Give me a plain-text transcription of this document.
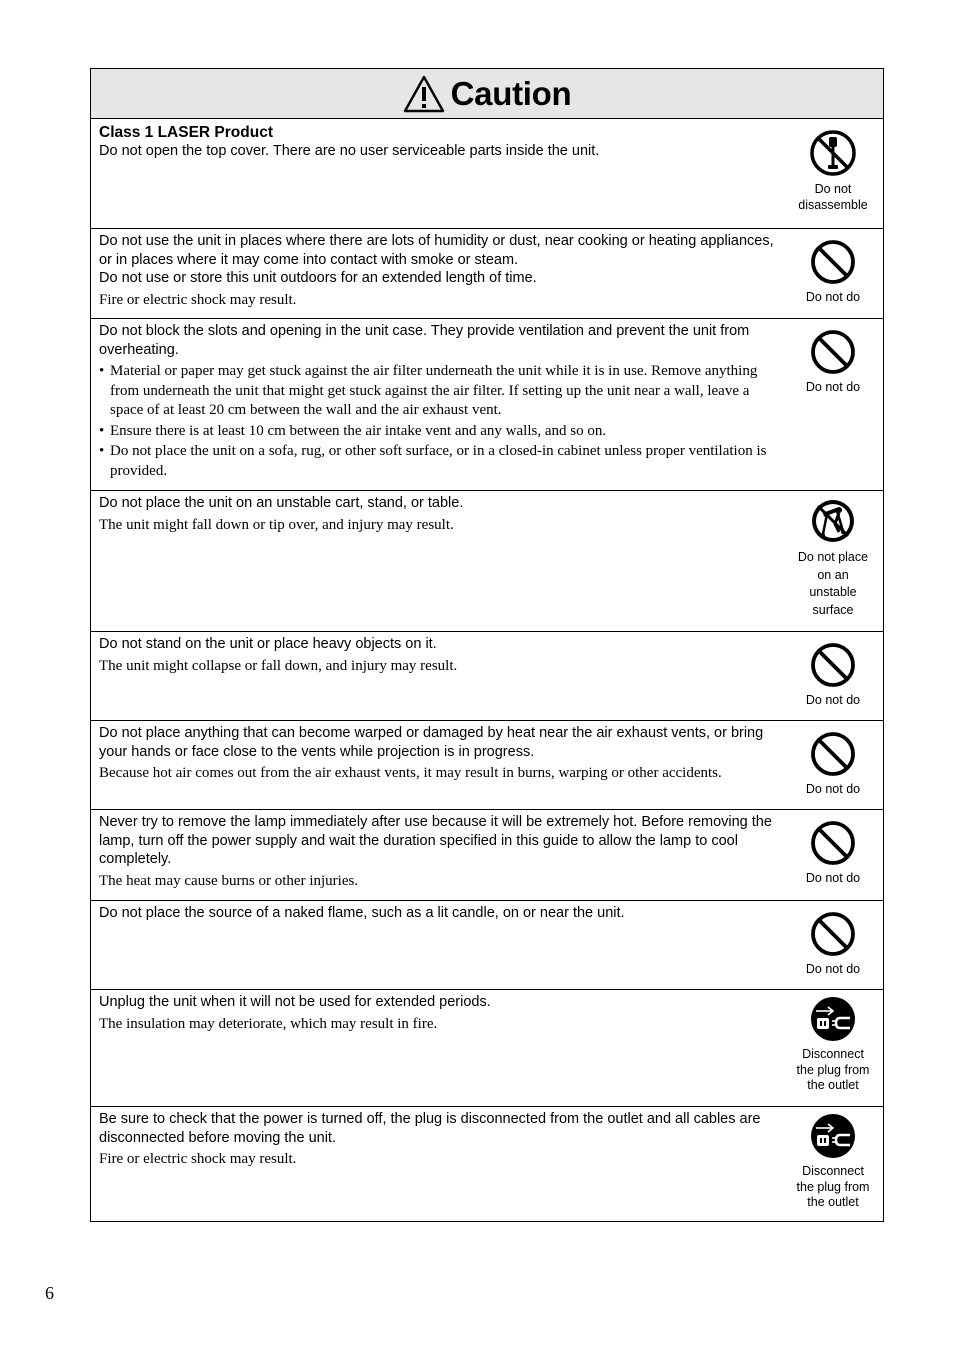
Caution

Class 1 LASER Product

Do not open the top cover. There are no user serviceable parts inside the unit.

Do not disassemble

Do not use the unit in places where there are lots of humidity or dust, near cooking or heating appliances, or in places where it may come into contact with smoke or steam.

Do not use or store this unit outdoors for an extended length of time.

Fire or electric shock may result.	Do not do

Do not block the slots and opening in the unit case. They provide ventilation and prevent the unit from overheating.

• Material or paper may get stuck against the air filter underneath the unit while it is in use. Remove anything from underneath the unit that might get stuck against the air filter. If setting up the unit near a wall, leave a space of at least 20 cm between the wall and the air exhaust vent.
• Ensure there is at least 10 cm between the air intake vent and any walls, and so on.
• Do not place the unit on a sofa, rug, or other soft surface, or in a closed-in cabinet unless proper ventilation is provided.
Do not do

Do not place the unit on an unstable cart, stand, or table.

The unit might fall down or tip over, and injury may result.

Do not place on an unstable surface

Do not stand on the unit or place heavy objects on it.

The unit might collapse or fall down, and injury may result.

Do not do

Do not place anything that can become warped or damaged by heat near the air exhaust vents, or bring your hands or face close to the vents while projection is in progress.

Because hot air comes out from the air exhaust vents, it may result in burns, warping or other accidents.

Do not do

Never try to remove the lamp immediately after use because it will be extremely hot. Before removing the lamp, turn off the power supply and wait the duration specified in this guide to allow the lamp to cool completely.

The heat may cause burns or other injuries.	Do not do

Do not place the source of a naked flame, such as a lit candle, on or near the unit.

Do not do

Unplug the unit when it will not be used for extended periods.

The insulation may deteriorate, which may result in fire.

Disconnect the plug from the outlet

Be sure to check that the power is turned off, the plug is disconnected from the outlet and all cables are disconnected before moving the unit.

Fire or electric shock may result.

Disconnect the plug from the outlet
6
